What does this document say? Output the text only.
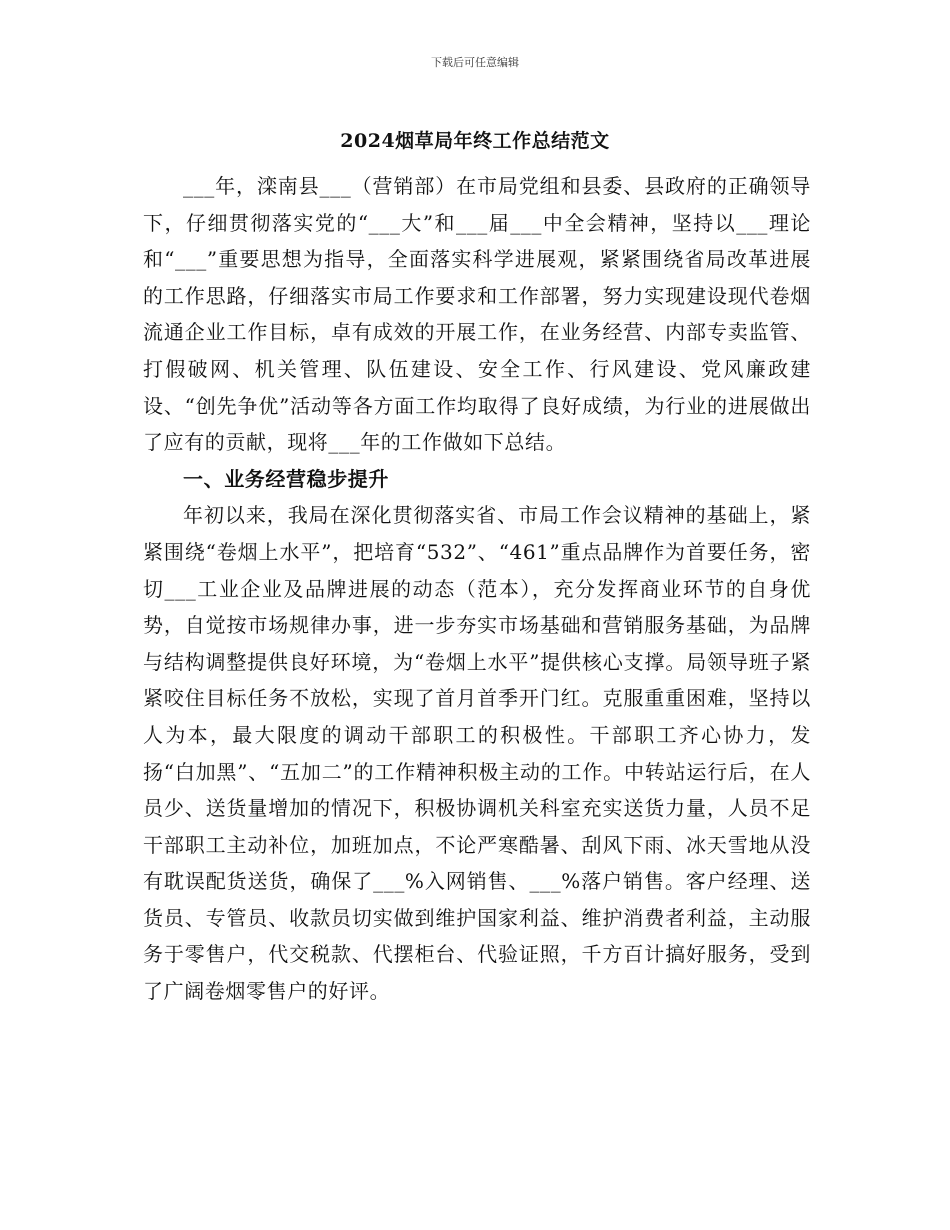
下载后可任意编辑
2024烟草局年终工作总结范文

___年，滦南县___（营销部）在市局党组和县委、县政府的正确领导下，仔细贯彻落实党的“___大”和___届___中全会精神，坚持以___理论和“___”重要思想为指导，全面落实科学进展观，紧紧围绕省局改革进展的工作思路，仔细落实市局工作要求和工作部署，努力实现建设现代卷烟流通企业工作目标，卓有成效的开展工作，在业务经营、内部专卖监管、打假破网、机关管理、队伍建设、安全工作、行风建设、党风廉政建设、“创先争优”活动等各方面工作均取得了良好成绩，为行业的进展做出了应有的贡献，现将___年的工作做如下总结。

一、业务经营稳步提升

年初以来，我局在深化贯彻落实省、市局工作会议精神的基础上，紧紧围绕“卷烟上水平”，把培育“532”、“461”重点品牌作为首要任务，密切___工业企业及品牌进展的动态（范本），充分发挥商业环节的自身优势，自觉按市场规律办事，进一步夯实市场基础和营销服务基础，为品牌与结构调整提供良好环境，为“卷烟上水平”提供核心支撑。局领导班子紧紧咬住目标任务不放松，实现了首月首季开门红。克服重重困难，坚持以人为本，最大限度的调动干部职工的积极性。干部职工齐心协力，发扬“白加黑”、“五加二”的工作精神积极主动的工作。中转站运行后，在人员少、送货量增加的情况下，积极协调机关科室充实送货力量，人员不足干部职工主动补位，加班加点，不论严寒酷暑、刮风下雨、冰天雪地从没有耽误配货送货，确保了___%入网销售、___%落户销售。客户经理、送货员、专管员、收款员切实做到维护国家利益、维护消费者利益，主动服务于零售户，代交税款、代摆柜台、代验证照，千方百计搞好服务，受到了广阔卷烟零售户的好评。
